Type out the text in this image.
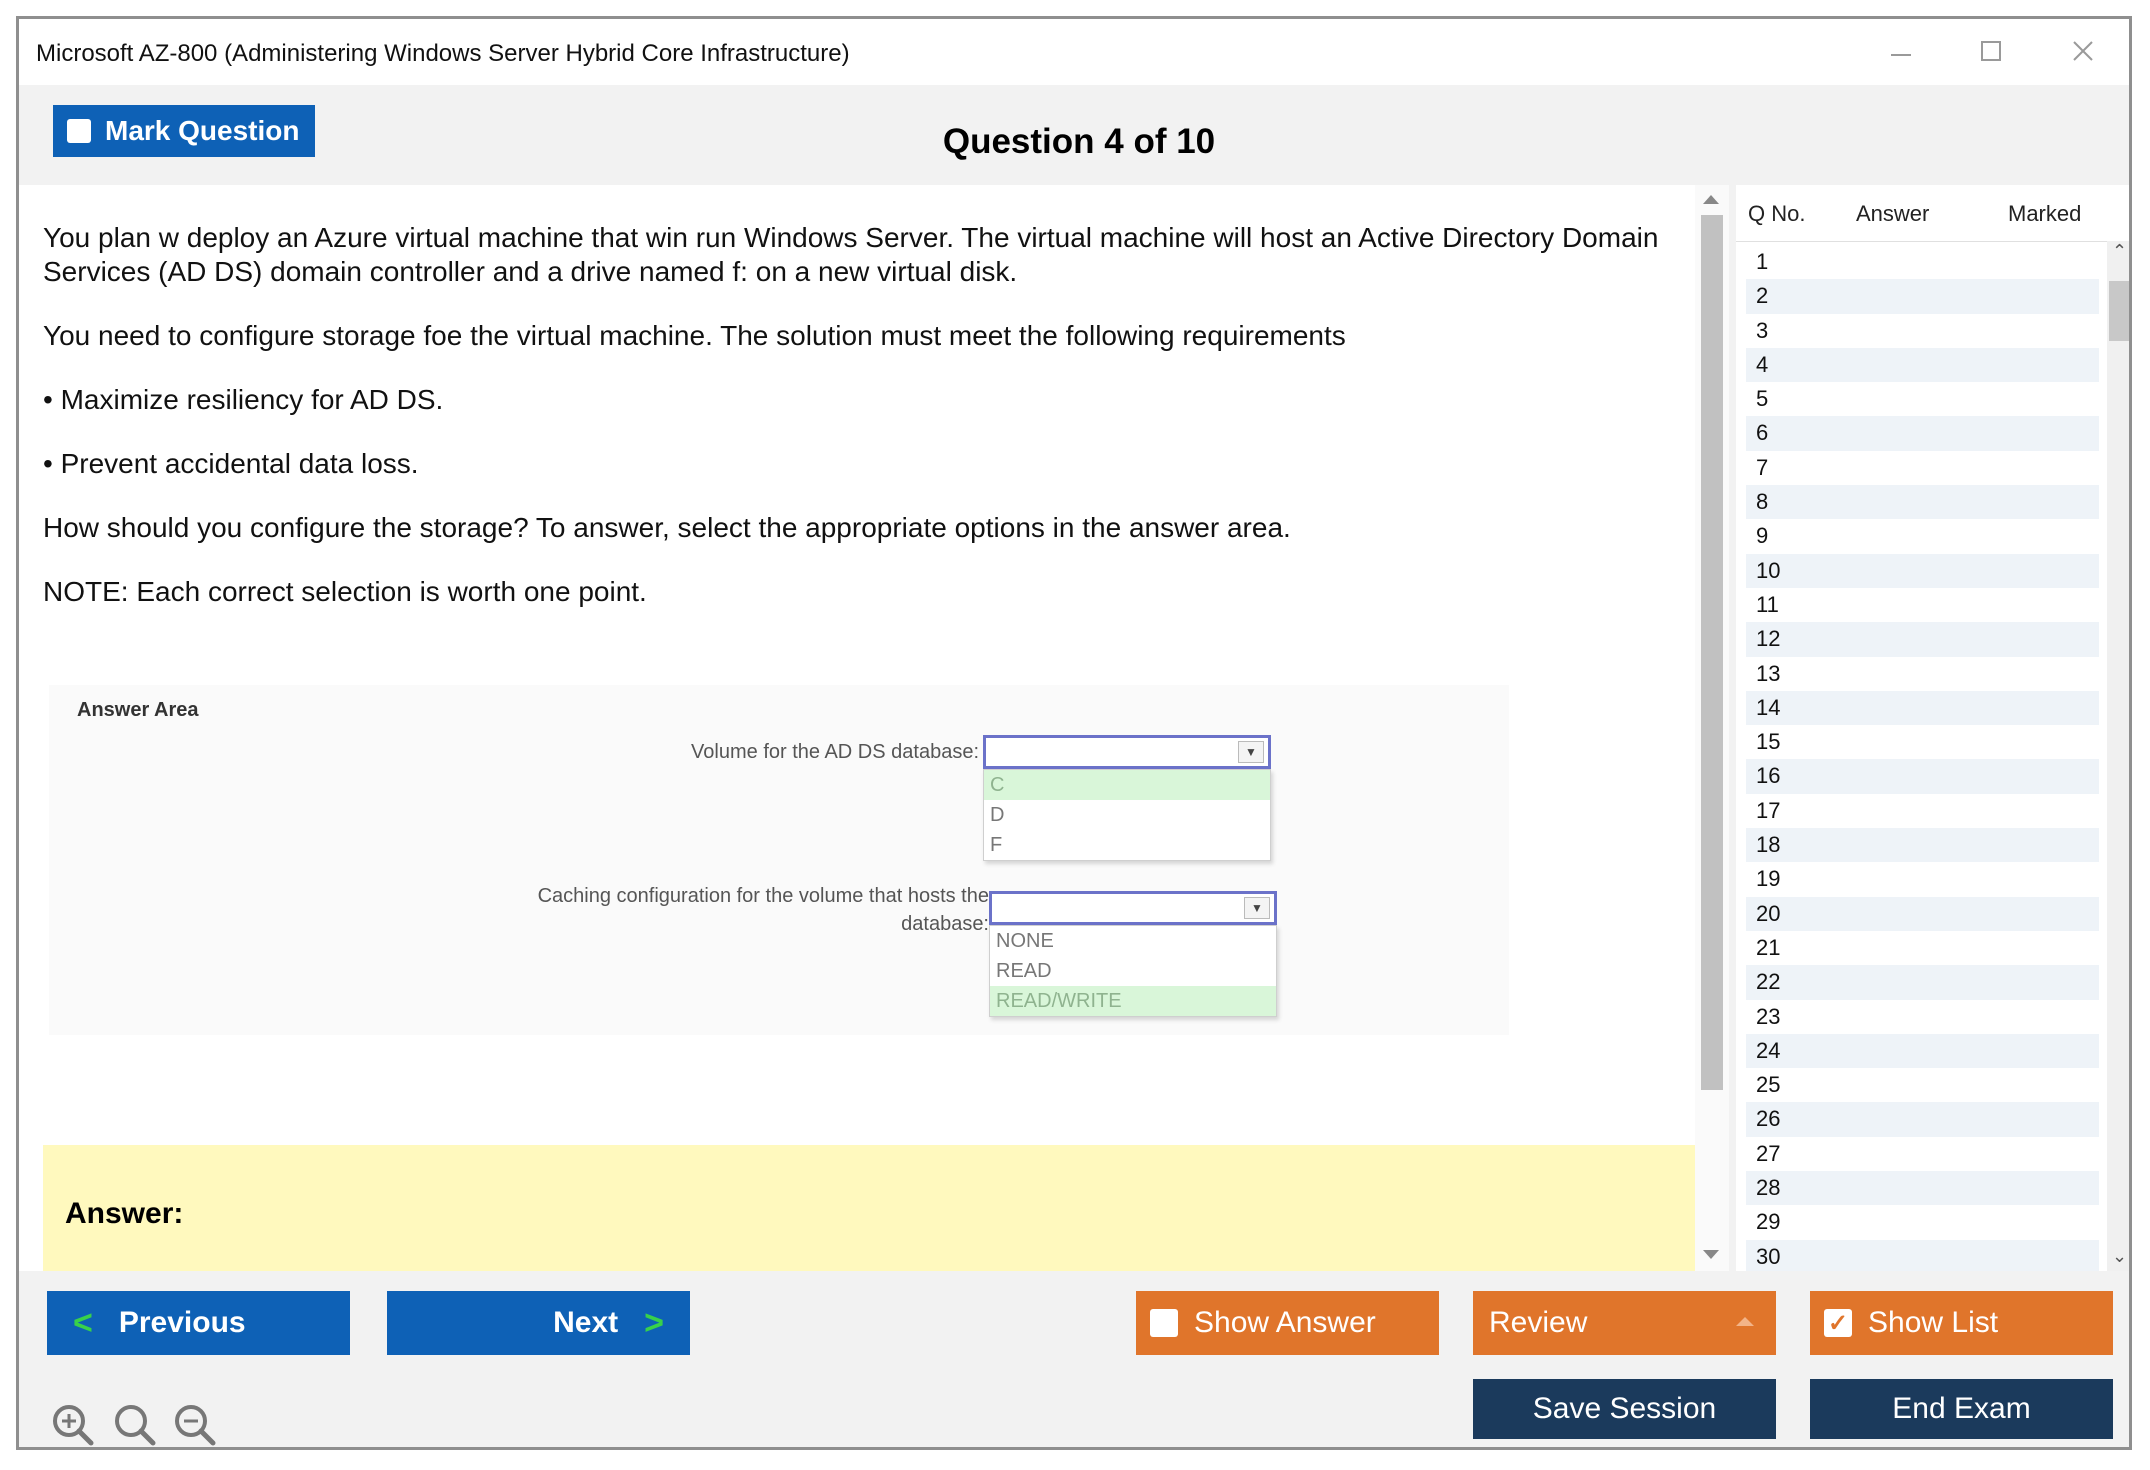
Microsoft AZ-800 (Administering Windows Server Hybrid Core Infrastructure)
Mark Question	Question 4 of 10

You plan w deploy an Azure virtual machine that win run Windows Server. The virtual machine will host an Active Directory Domain Services (AD DS) domain controller and a drive named f: on a new virtual disk.

You need to configure storage foe the virtual machine. The solution must meet the following requirements

• Maximize resiliency for AD DS.

• Prevent accidental data loss.

How should you configure the storage? To answer, select the appropriate options in the answer area.

NOTE: Each correct selection is worth one point.

Answer Area
Volume for the AD DS database:	▼
C
D
F
Caching configuration for the volume that hosts the
database:
▼
NONE
READ
READ/WRITE
Answer:
Q No. Answer	Marked
1
2
3
4
5
6
7
8
9
10
11
12
13
14
15
16
17
18
19
20
21
22
23
24
25
26
27
28
29
30
⌃
⌄
< Previous	Next >	Show Answer	Review	✓ Show List
Save Session	End Exam
